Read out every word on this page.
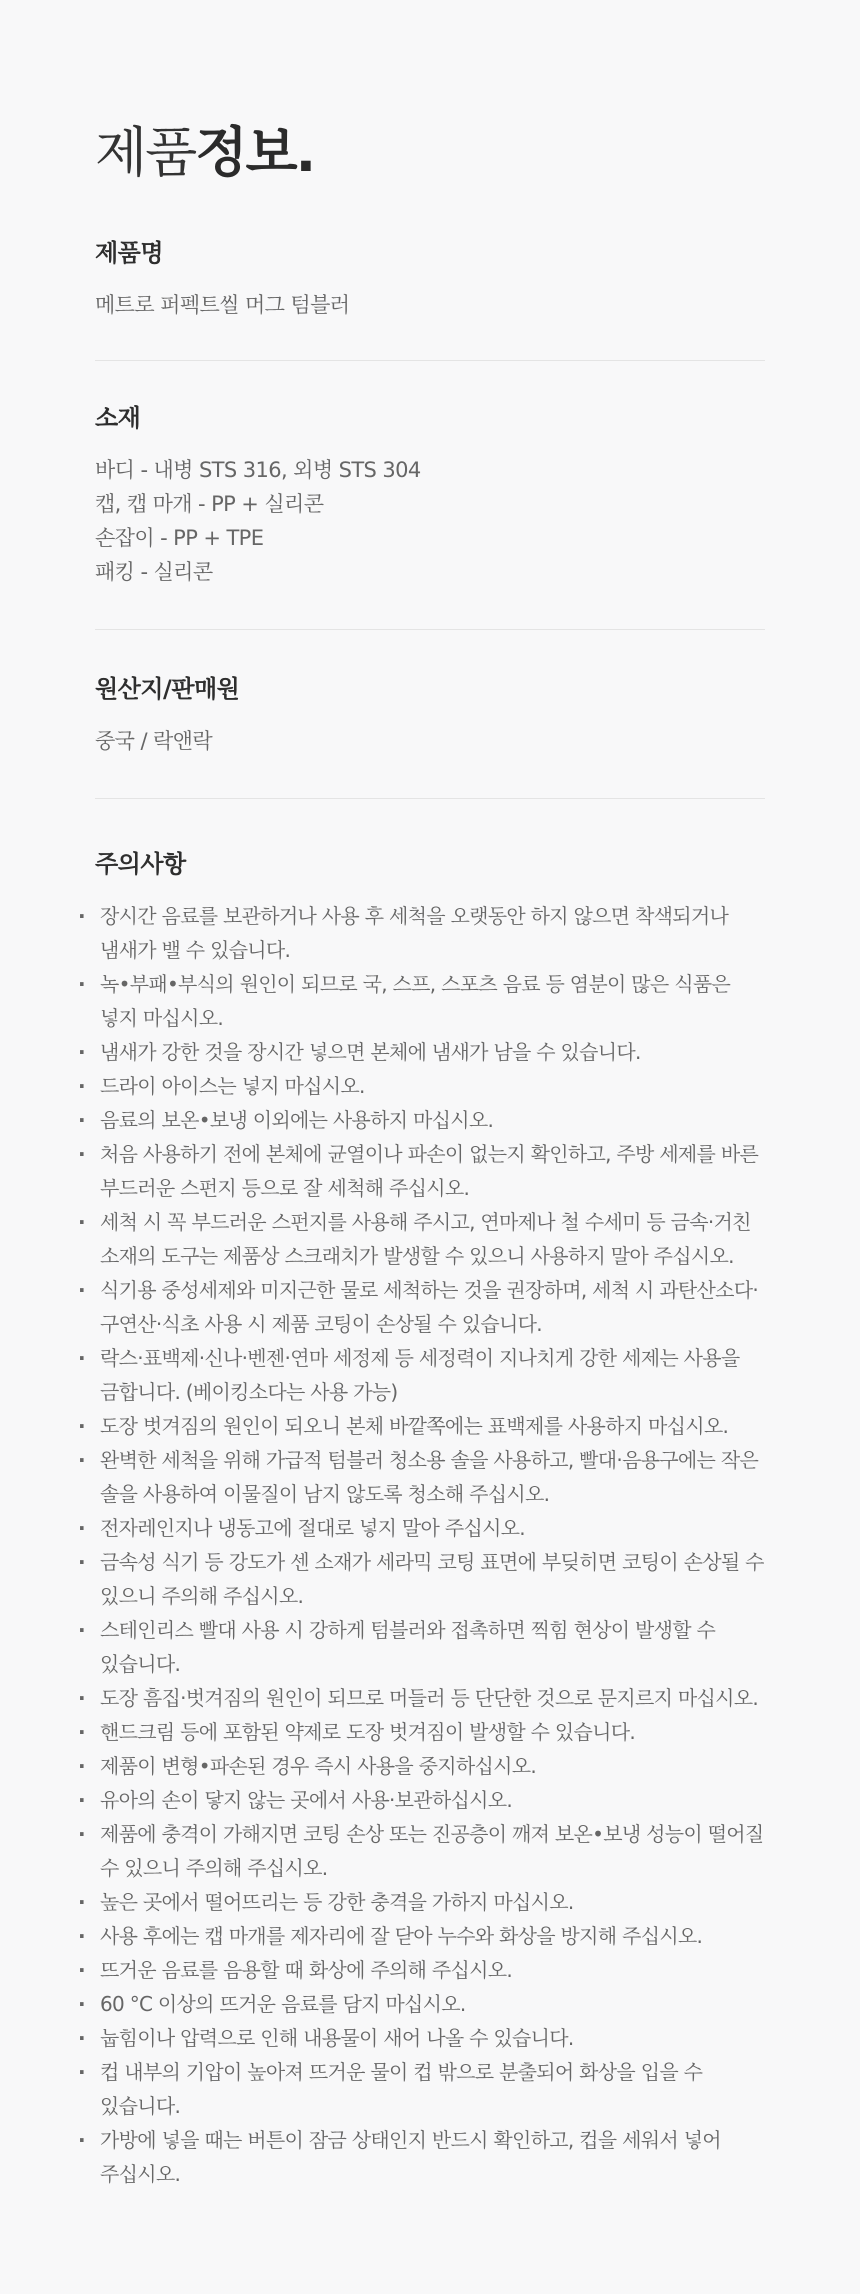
제품정보.
제품명

메트로 퍼펙트씰 머그 텀블러

소재

바디 - 내병 STS 316, 외병 STS 304
캡, 캡 마개 - PP + 실리콘
손잡이 - PP + TPE
패킹 - 실리콘

원산지/판매원

중국 / 락앤락

주의사항
· 장시간 음료를 보관하거나 사용 후 세척을 오랫동안 하지 않으면 착색되거나 냄새가 밸 수 있습니다.
· 녹•부패•부식의 원인이 되므로 국, 스프, 스포츠 음료 등 염분이 많은 식품은 넣지 마십시오.
· 냄새가 강한 것을 장시간 넣으면 본체에 냄새가 남을 수 있습니다.
· 드라이 아이스는 넣지 마십시오.
· 음료의 보온•보냉 이외에는 사용하지 마십시오.
· 처음 사용하기 전에 본체에 균열이나 파손이 없는지 확인하고, 주방 세제를 바른 부드러운 스펀지 등으로 잘 세척해 주십시오.
· 세척 시 꼭 부드러운 스펀지를 사용해 주시고, 연마제나 철 수세미 등 금속·거친 소재의 도구는 제품상 스크래치가 발생할 수 있으니 사용하지 말아 주십시오.
· 식기용 중성세제와 미지근한 물로 세척하는 것을 권장하며, 세척 시 과탄산소다·구연산·식초 사용 시 제품 코팅이 손상될 수 있습니다.
· 락스·표백제·신나·벤젠·연마 세정제 등 세정력이 지나치게 강한 세제는 사용을 금합니다. (베이킹소다는 사용 가능)
· 도장 벗겨짐의 원인이 되오니 본체 바깥쪽에는 표백제를 사용하지 마십시오.
· 완벽한 세척을 위해 가급적 텀블러 청소용 솔을 사용하고, 빨대·음용구에는 작은 솔을 사용하여 이물질이 남지 않도록 청소해 주십시오.
· 전자레인지나 냉동고에 절대로 넣지 말아 주십시오.
· 금속성 식기 등 강도가 센 소재가 세라믹 코팅 표면에 부딪히면 코팅이 손상될 수 있으니 주의해 주십시오.
· 스테인리스 빨대 사용 시 강하게 텀블러와 접촉하면 찍힘 현상이 발생할 수 있습니다.
· 도장 흠집·벗겨짐의 원인이 되므로 머들러 등 단단한 것으로 문지르지 마십시오.
· 핸드크림 등에 포함된 약제로 도장 벗겨짐이 발생할 수 있습니다.
· 제품이 변형•파손된 경우 즉시 사용을 중지하십시오.
· 유아의 손이 닿지 않는 곳에서 사용·보관하십시오.
· 제품에 충격이 가해지면 코팅 손상 또는 진공층이 깨져 보온•보냉 성능이 떨어질 수 있으니 주의해 주십시오.
· 높은 곳에서 떨어뜨리는 등 강한 충격을 가하지 마십시오.
· 사용 후에는 캡 마개를 제자리에 잘 닫아 누수와 화상을 방지해 주십시오.
· 뜨거운 음료를 음용할 때 화상에 주의해 주십시오.
· 60 °C 이상의 뜨거운 음료를 담지 마십시오.
· 눕힘이나 압력으로 인해 내용물이 새어 나올 수 있습니다.
· 컵 내부의 기압이 높아져 뜨거운 물이 컵 밖으로 분출되어 화상을 입을 수 있습니다.
· 가방에 넣을 때는 버튼이 잠금 상태인지 반드시 확인하고, 컵을 세워서 넣어 주십시오.
